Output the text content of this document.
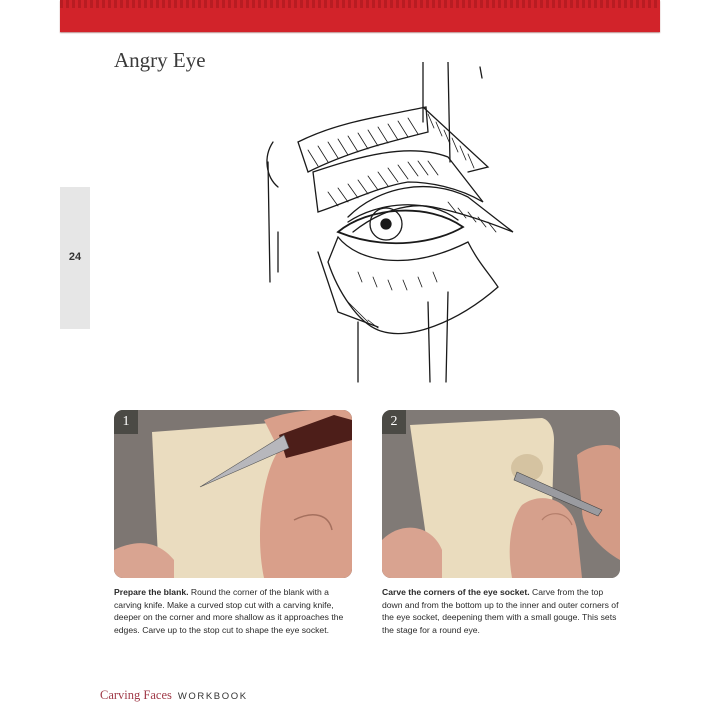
Angry Eye
24
1	2
Prepare the blank. Round the corner of the blank with a carving knife. Make a curved stop cut with a carving knife, deeper on the corner and more shallow as it approaches the edges. Carve up to the stop cut to shape the eye socket.
Carve the corners of the eye socket. Carve from the top down and from the bottom up to the inner and outer corners of the eye socket, deepening them with a small gouge. This sets the stage for a round eye.
Carving Faces WORKBOOK
